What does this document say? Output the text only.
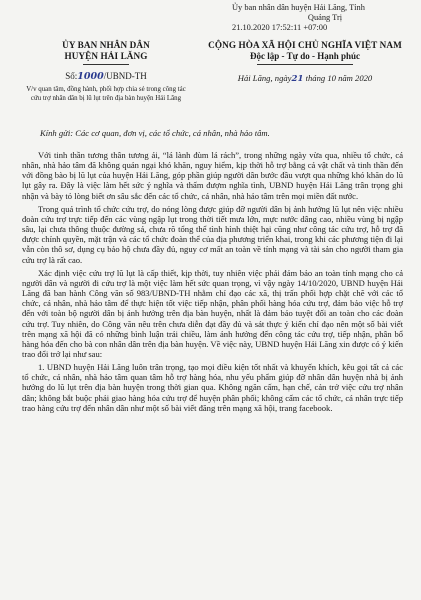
Ủy ban nhân dân huyện Hải Lăng, Tỉnh
Quảng Trị
21.10.2020 17:52:11 +07:00
ỦY BAN NHÂN DÂN
HUYỆN HẢI LĂNG
Số: 1000 /UBND-TH
V/v quan tâm, đồng hành, phối hợp chia sẻ trong công tác cứu trợ nhân dân bị lũ lụt trên địa bàn huyện Hải Lăng
CỘNG HÒA XÃ HỘI CHỦ NGHĨA VIỆT NAM
Độc lập - Tự do - Hạnh phúc
Hải Lăng, ngày21 tháng 10 năm 2020
Kính gửi: Các cơ quan, đơn vị, các tổ chức, cá nhân, nhà hảo tâm.

Với tinh thần tương thân tương ái, “lá lành đùm lá rách”, trong những ngày vừa qua, nhiều tổ chức, cá nhân, nhà hảo tâm đã không quản ngại khó khăn, nguy hiểm, kịp thời hỗ trợ bằng cả vật chất và tinh thần đến với đồng bào bị lũ lụt của huyện Hải Lăng, góp phần giúp người dân bước đầu vượt qua những khó khăn do lũ lụt gây ra. Đây là việc làm hết sức ý nghĩa và thấm đượm nghĩa tình, UBND huyện Hải Lăng trân trọng ghi nhận và bày tỏ lòng biết ơn sâu sắc đến các tổ chức, cá nhân, nhà hảo tâm trên mọi miền đất nước.

Trong quá trình tổ chức cứu trợ, do nóng lòng được giúp đỡ người dân bị ảnh hưởng lũ lụt nên việc nhiều đoàn cứu trợ trực tiếp đến các vùng ngập lụt trong thời tiết mưa lớn, mực nước dâng cao, nhiều vùng bị ngập sâu, lại chưa thông thuộc đường sá, chưa rõ tổng thể tình hình thiệt hại cũng như công tác cứu trợ, hỗ trợ đã được chính quyền, mặt trận và các tổ chức đoàn thể của địa phương triển khai, trong khi các phương tiện đi lại vẫn còn thô sơ, dụng cụ bảo hộ chưa đầy đủ, nguy cơ mất an toàn về tính mạng và tài sản cho người tham gia cứu trợ là rất cao.

Xác định việc cứu trợ lũ lụt là cấp thiết, kịp thời, tuy nhiên việc phải đảm bảo an toàn tính mạng cho cả người dân và người đi cứu trợ là một việc làm hết sức quan trọng, vì vậy ngày 14/10/2020, UBND huyện Hải Lăng đã ban hành Công văn số 983/UBND-TH nhằm chỉ đạo các xã, thị trấn phối hợp chặt chẽ với các tổ chức, cá nhân, nhà hảo tâm để thực hiện tốt việc tiếp nhận, phân phối hàng hóa cứu trợ, đảm bảo việc hỗ trợ đến với toàn bộ người dân bị ảnh hưởng trên địa bàn huyện, nhất là đảm bảo tuyệt đối an toàn cho các đoàn cứu trợ. Tuy nhiên, do Công văn nêu trên chưa diễn đạt đầy đủ và sát thực ý kiến chỉ đạo nên một số bài viết trên mạng xã hội đã có những bình luận trái chiều, làm ảnh hưởng đến công tác cứu trợ, tiếp nhận, phân bổ hàng hóa đến cho bà con nhân dân trên địa bàn huyện. Về việc này, UBND huyện Hải Lăng xin được có ý kiến trao đổi trở lại như sau:

1. UBND huyện Hải Lăng luôn trân trọng, tạo mọi điều kiện tốt nhất và khuyến khích, kêu gọi tất cả các tổ chức, cá nhân, nhà hảo tâm quan tâm hỗ trợ hàng hóa, nhu yếu phẩm giúp đỡ nhân dân huyện nhà bị ảnh hưởng do lũ lụt trên địa bàn huyện trong thời gian qua. Không ngăn cấm, hạn chế, cản trở việc cứu trợ nhân dân; không bắt buộc phải giao hàng hóa cứu trợ để huyện phân phối; không cấm các tổ chức, cá nhân trực tiếp trao hàng cứu trợ đến nhân dân như một số bài viết đăng trên mạng xã hội, trang facebook.
